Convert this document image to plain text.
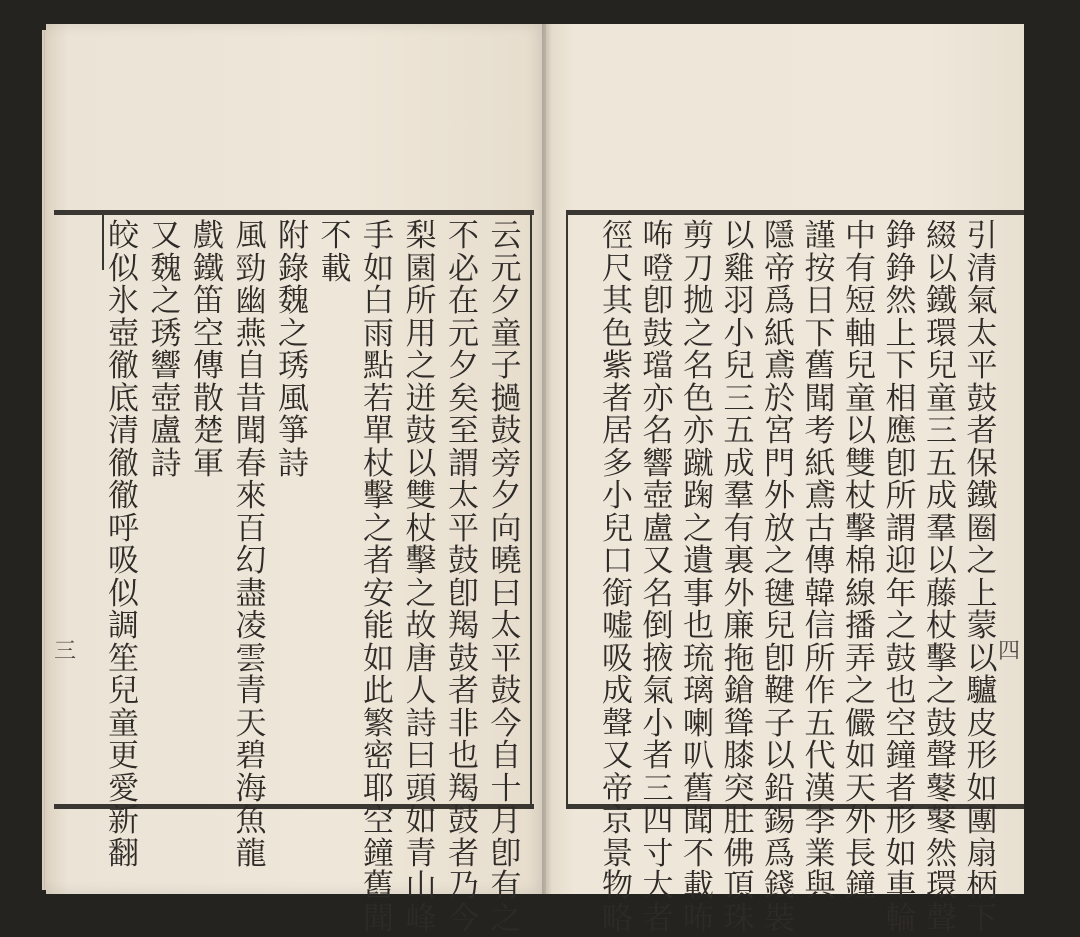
三
云
元
夕
童
子
撾
鼓
旁
夕
向
曉
曰
太
平
鼓
今
自
十
月
卽
有
之
不
必
在
元
夕
矣
至
謂
太
平
鼓
卽
羯
鼓
者
非
也
羯
鼓
者
乃
今
梨
園
所
用
之
迸
鼓
以
雙
杖
擊
之
故
唐
人
詩
曰
頭
如
青
山
峰
手
如
白
雨
點
若
單
杖
擊
之
者
安
能
如
此
繁
密
耶
空
鐘
舊
聞
不
載
附
錄
魏
之
琇
風
箏
詩
風
勁
幽
燕
自
昔
聞
春
來
百
幻
盡
凌
雲
青
天
碧
海
魚
龍
戲
鐵
笛
空
傳
散
楚
軍
又
魏
之
琇
響
壺
盧
詩
皎
似
氷
壺
徹
底
清
徹
徹
呼
吸
似
調
笙
兒
童
更
愛
新
翻
四
引
清
氣
太
平
鼓
者
保
鐵
圈
之
上
蒙
以
驢
皮
形
如
團
扇
柄
下
綴
以
鐵
環
兒
童
三
五
成
羣
以
藤
杖
擊
之
鼓
聲
鼕
鼕
然
環
聲
錚
錚
然
上
下
相
應
卽
所
謂
迎
年
之
鼓
也
空
鐘
者
形
如
車
輪
中
有
短
軸
兒
童
以
雙
杖
擊
棉
線
播
弄
之
儼
如
天
外
長
鐘
謹
按
日
下
舊
聞
考
紙
鳶
古
傳
韓
信
所
作
五
代
漢
李
業
與
隱
帝
爲
紙
鳶
於
宮
門
外
放
之
毽
兒
卽
鞬
子
以
鉛
錫
爲
錢
裝
以
雞
羽
小
兒
三
五
成
羣
有
裏
外
廉
拖
鎗
聳
膝
突
肚
佛
頂
珠
剪
刀
拋
之
名
色
亦
蹴
踘
之
遺
事
也
琉
璃
喇
叭
舊
聞
不
載
咘
咘
噔
卽
鼓
璫
亦
名
響
壺
盧
又
名
倒
掖
氣
小
者
三
四
寸
大
者
徑
尺
其
色
紫
者
居
多
小
兒
口
銜
嘘
吸
成
聲
又
帝
京
景
物
略
